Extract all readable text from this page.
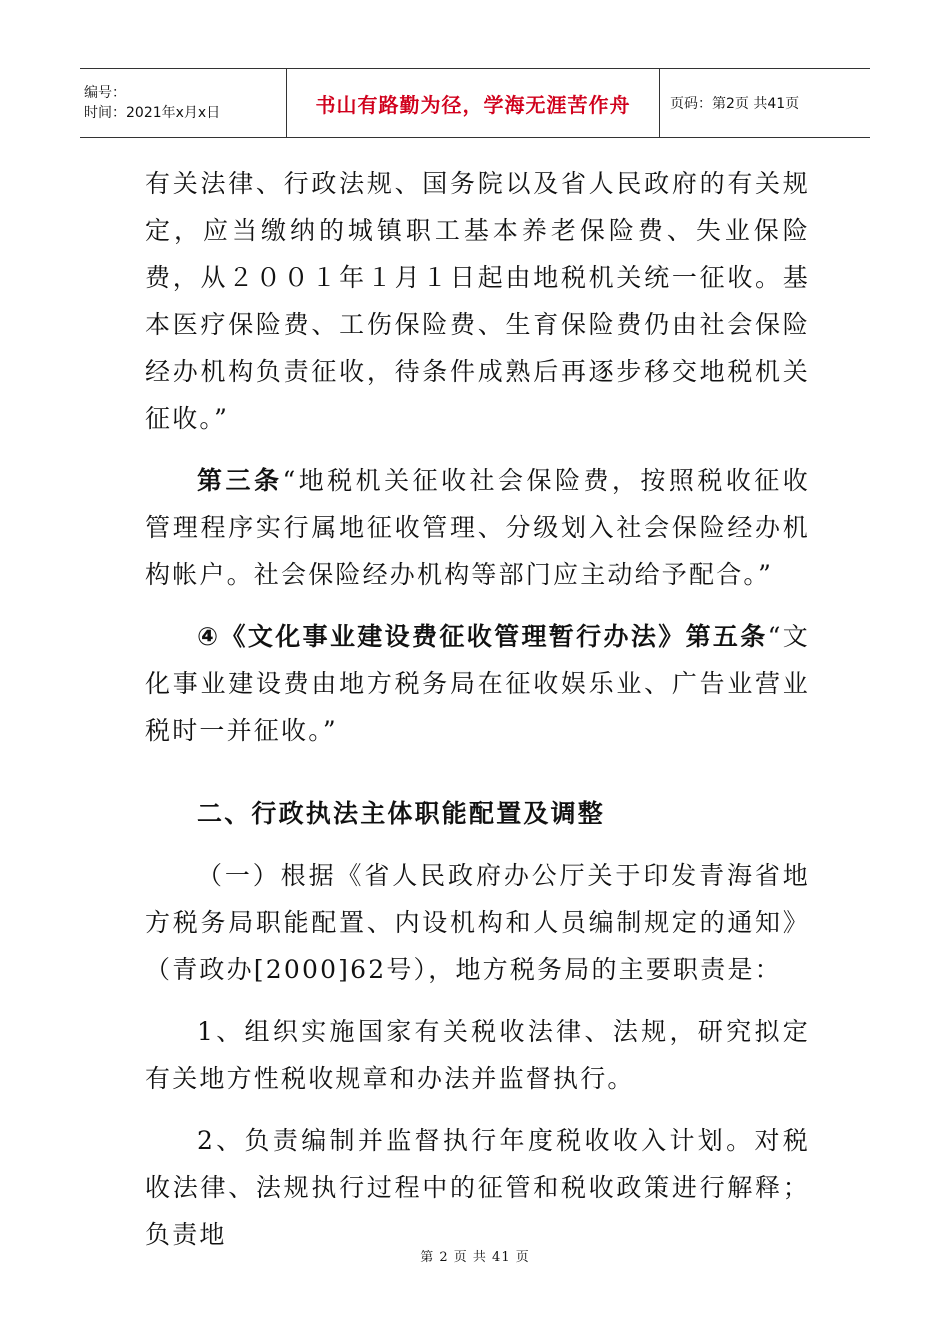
编号：
时间：2021年x月x日	书山有路勤为径，学海无涯苦作舟	页码：第2页 共41页

有关法律、行政法规、国务院以及省人民政府的有关规定，应当缴纳的城镇职工基本养老保险费、失业保险费，从２００１年１月１日起由地税机关统一征收。基本医疗保险费、工伤保险费、生育保险费仍由社会保险经办机构负责征收，待条件成熟后再逐步移交地税机关征收。”

第三条“地税机关征收社会保险费，按照税收征收管理程序实行属地征收管理、分级划入社会保险经办机构帐户。社会保险经办机构等部门应主动给予配合。”

④《文化事业建设费征收管理暂行办法》第五条“文化事业建设费由地方税务局在征收娱乐业、广告业营业税时一并征收。”

二、行政执法主体职能配置及调整

（一）根据《省人民政府办公厅关于印发青海省地方税务局职能配置、内设机构和人员编制规定的通知》（青政办[2000]62号），地方税务局的主要职责是：

1、组织实施国家有关税收法律、法规，研究拟定有关地方性税收规章和办法并监督执行。

2、负责编制并监督执行年度税收收入计划。对税收法律、法规执行过程中的征管和税收政策进行解释；负责地

第 2 页 共 41 页
